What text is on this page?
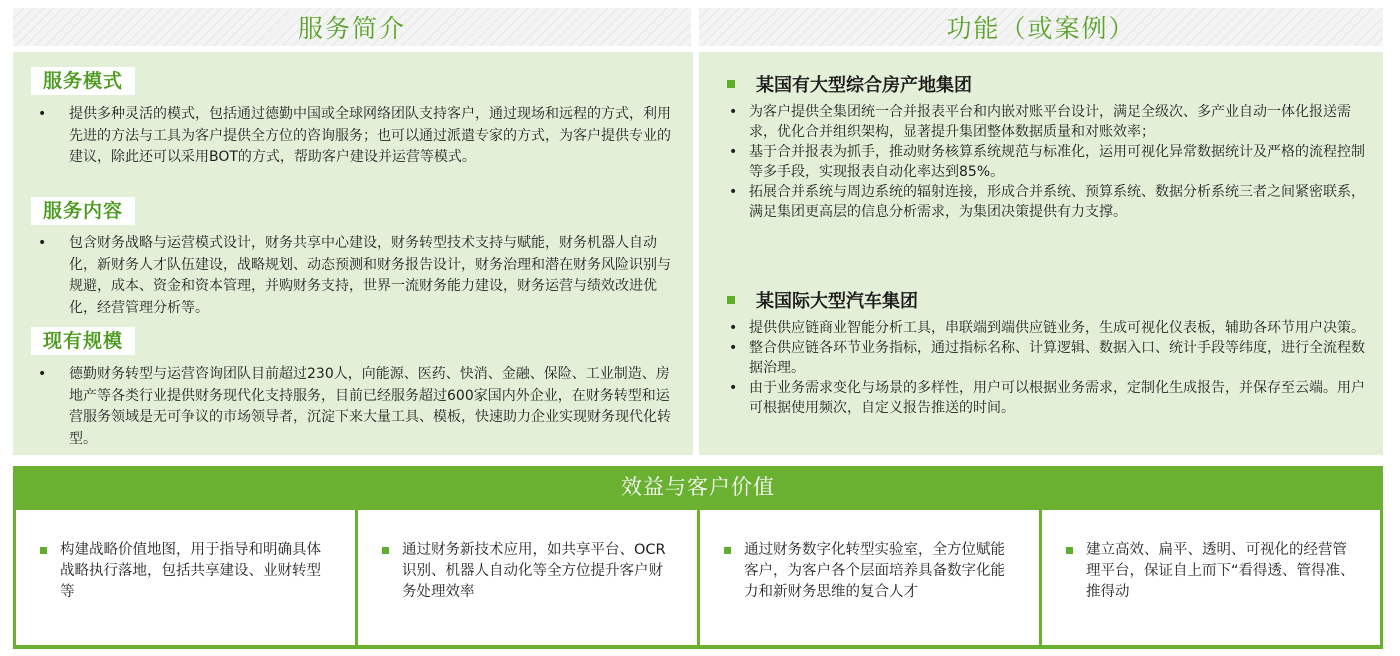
服务简介	功能（或案例）
服务模式
• 提供多种灵活的模式，包括通过德勤中国或全球网络团队支持客户，通过现场和远程的方式，利用先进的方法与工具为客户提供全方位的咨询服务；也可以通过派遣专家的方式，为客户提供专业的建议，除此还可以采用BOT的方式，帮助客户建设并运营等模式。
服务内容
• 包含财务战略与运营模式设计，财务共享中心建设，财务转型技术支持与赋能，财务机器人自动化，新财务人才队伍建设，战略规划、动态预测和财务报告设计，财务治理和潜在财务风险识别与规避，成本、资金和资本管理，并购财务支持，世界一流财务能力建设，财务运营与绩效改进优化，经营管理分析等。
现有规模
• 德勤财务转型与运营咨询团队目前超过230人，向能源、医药、快消、金融、保险、工业制造、房地产等各类行业提供财务现代化支持服务，目前已经服务超过600家国内外企业，在财务转型和运营服务领域是无可争议的市场领导者，沉淀下来大量工具、模板，快速助力企业实现财务现代化转型。
某国有大型综合房产地集团
• 为客户提供全集团统一合并报表平台和内嵌对账平台设计，满足全级次、多产业自动一体化报送需求，优化合并组织架构，显著提升集团整体数据质量和对账效率；
• 基于合并报表为抓手，推动财务核算系统规范与标准化，运用可视化异常数据统计及严格的流程控制等多手段，实现报表自动化率达到85%。
• 拓展合并系统与周边系统的辐射连接，形成合并系统、预算系统、数据分析系统三者之间紧密联系，满足集团更高层的信息分析需求，为集团决策提供有力支撑。
某国际大型汽车集团
• 提供供应链商业智能分析工具，串联端到端供应链业务，生成可视化仪表板，辅助各环节用户决策。
• 整合供应链各环节业务指标，通过指标名称、计算逻辑、数据入口、统计手段等纬度，进行全流程数据治理。
• 由于业务需求变化与场景的多样性，用户可以根据业务需求，定制化生成报告，并保存至云端。用户可根据使用频次，自定义报告推送的时间。
效益与客户价值
构建战略价值地图，用于指导和明确具体战略执行落地，包括共享建设、业财转型等
通过财务新技术应用，如共享平台、OCR识别、机器人自动化等全方位提升客户财务处理效率
通过财务数字化转型实验室，全方位赋能客户，为客户各个层面培养具备数字化能力和新财务思维的复合人才
建立高效、扁平、透明、可视化的经营管理平台，保证自上而下“看得透、管得准、推得动
